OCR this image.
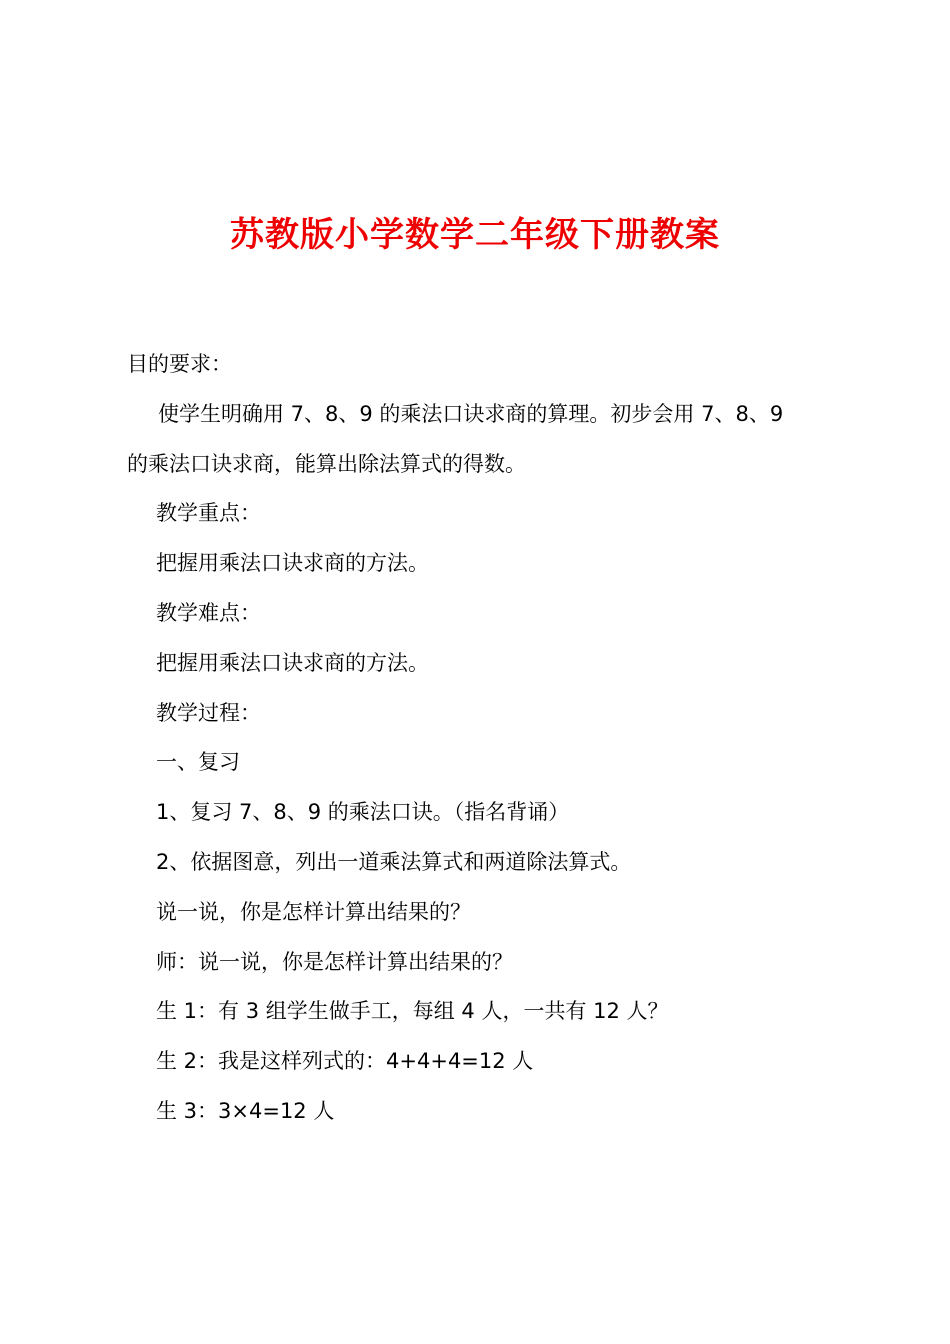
苏教版小学数学二年级下册教案

目的要求：

使学生明确用 7、8、9 的乘法口诀求商的算理。初步会用 7、8、9

的乘法口诀求商，能算出除法算式的得数。

教学重点：

把握用乘法口诀求商的方法。

教学难点：

把握用乘法口诀求商的方法。

教学过程：

一、复习

1、复习 7、8、9 的乘法口诀。（指名背诵）

2、依据图意，列出一道乘法算式和两道除法算式。

说一说，你是怎样计算出结果的？

师：说一说，你是怎样计算出结果的？

生 1：有 3 组学生做手工，每组 4 人，一共有 12 人？

生 2：我是这样列式的：4+4+4=12 人

生 3：3×4=12 人
